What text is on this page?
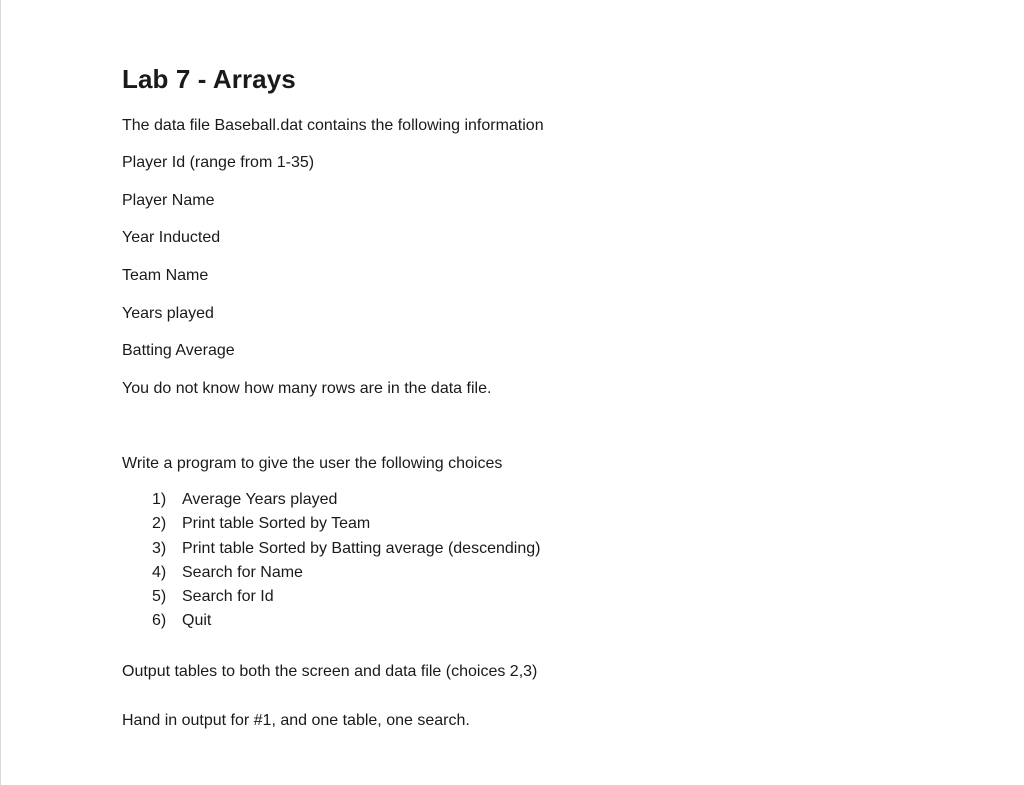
Lab 7 - Arrays

The data file Baseball.dat contains the following information

Player Id (range from 1-35)

Player Name

Year Inducted

Team Name

Years played

Batting Average

You do not know how many rows are in the data file.

Write a program to give the user the following choices

1) Average Years played
2) Print table Sorted by Team
3) Print table Sorted by Batting average (descending)
4) Search for Name
5) Search for Id
6) Quit

Output tables to both the screen and data file (choices 2,3)

Hand in output for #1, and one table, one search.
